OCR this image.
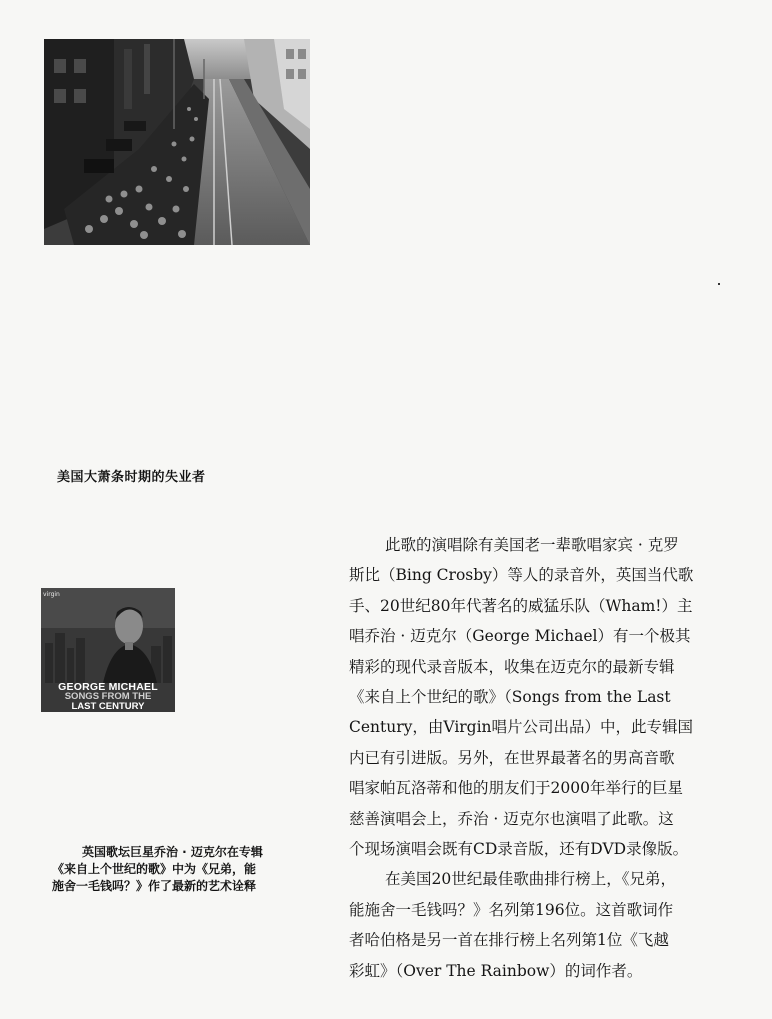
美国大萧条时期的失业者
virgin
GEORGE MICHAEL
SONGS FROM THE
LAST CENTURY
英国歌坛巨星乔治 · 迈克尔在专辑
《来自上个世纪的歌》中为《兄弟，能
施舍一毛钱吗？》作了最新的艺术诠释
此歌的演唱除有美国老一辈歌唱家宾 · 克罗
斯比（Bing Crosby）等人的录音外，英国当代歌
手、20世纪80年代著名的威猛乐队（Wham!）主
唱乔治 · 迈克尔（George Michael）有一个极其
精彩的现代录音版本，收集在迈克尔的最新专辑
《来自上个世纪的歌》（Songs from the Last
Century，由Virgin唱片公司出品）中，此专辑国
内已有引进版。另外，在世界最著名的男高音歌
唱家帕瓦洛蒂和他的朋友们于2000年举行的巨星
慈善演唱会上，乔治 · 迈克尔也演唱了此歌。这
个现场演唱会既有CD录音版，还有DVD录像版。
在美国20世纪最佳歌曲排行榜上，《兄弟，
能施舍一毛钱吗？》名列第196位。这首歌词作
者哈伯格是另一首在排行榜上名列第1位《飞越
彩虹》（Over The Rainbow）的词作者。
